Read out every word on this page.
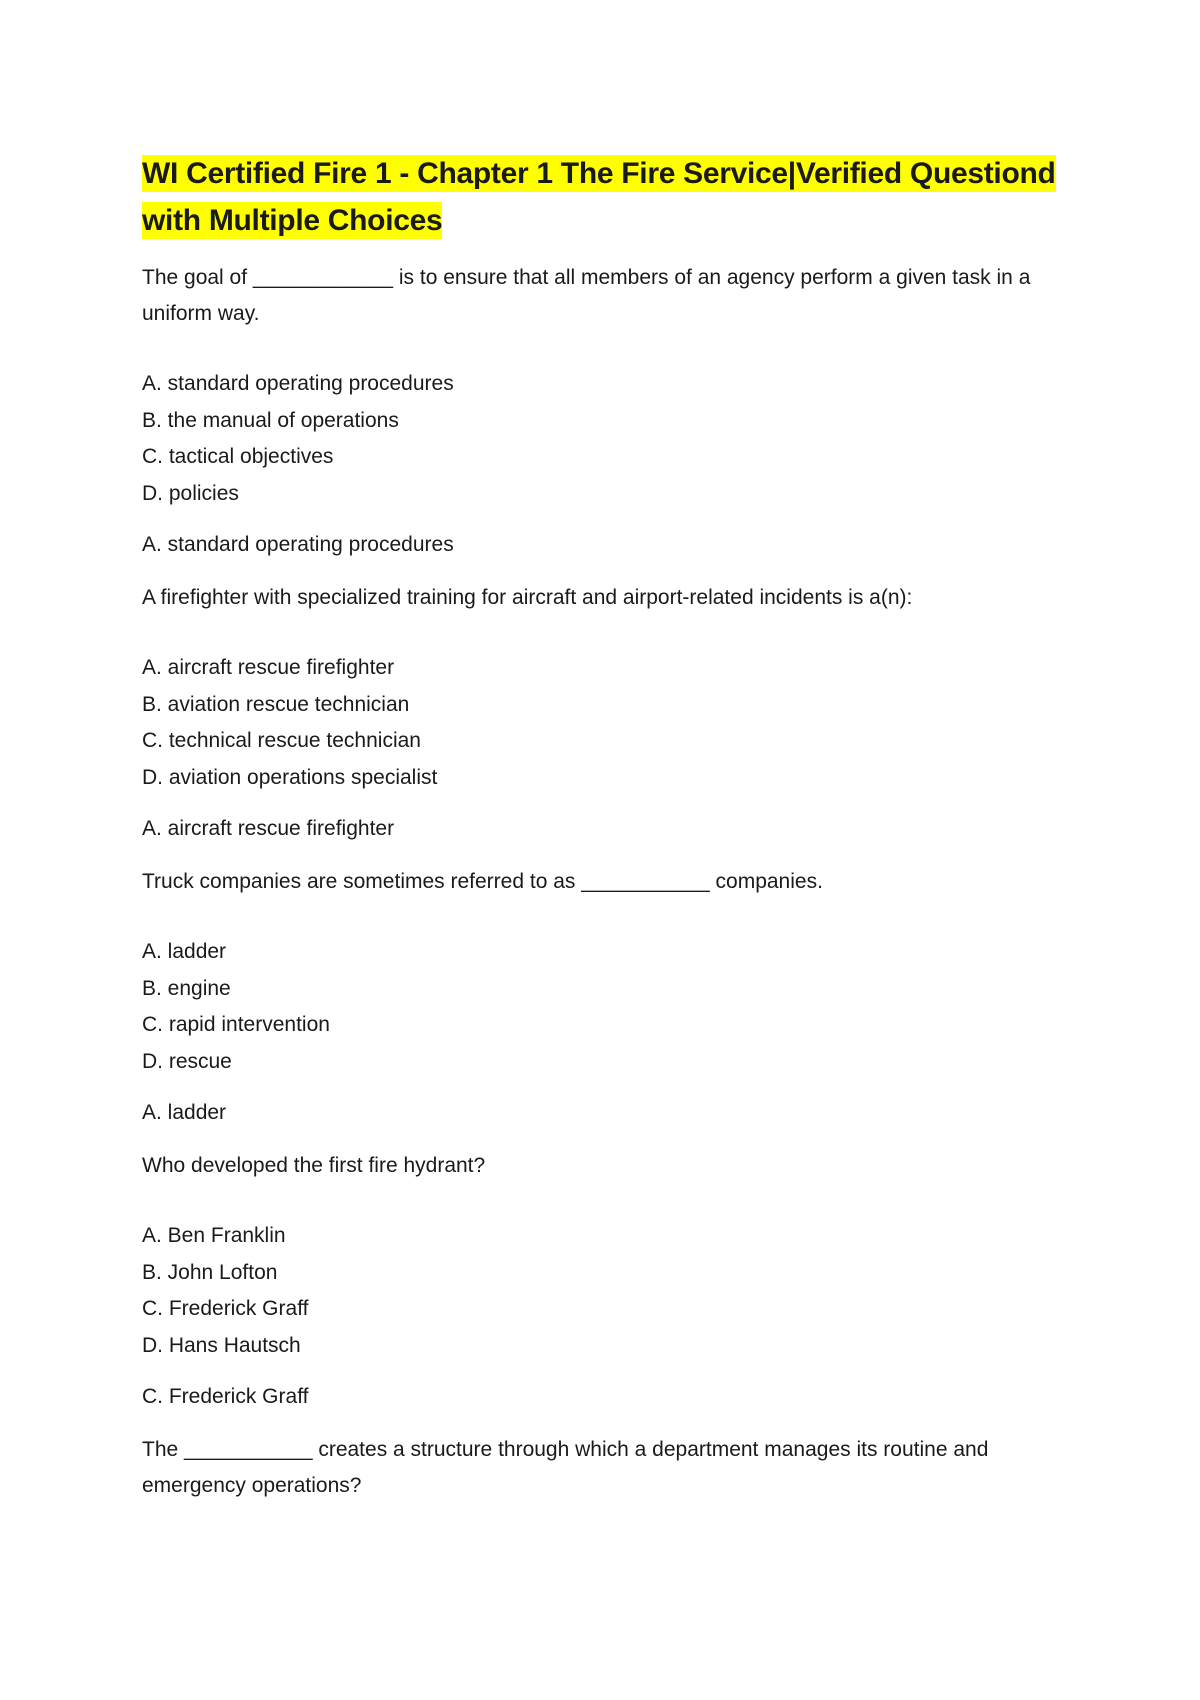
WI Certified Fire 1 - Chapter 1 The Fire Service|Verified Questiond with Multiple Choices

The goal of ____________ is to ensure that all members of an agency perform a given task in a uniform way.

A. standard operating procedures
B. the manual of operations
C. tactical objectives
D. policies

A. standard operating procedures

A firefighter with specialized training for aircraft and airport-related incidents is a(n):

A. aircraft rescue firefighter
B. aviation rescue technician
C. technical rescue technician
D. aviation operations specialist

A. aircraft rescue firefighter

Truck companies are sometimes referred to as ___________ companies.

A. ladder
B. engine
C. rapid intervention
D. rescue

A. ladder

Who developed the first fire hydrant?

A. Ben Franklin
B. John Lofton
C. Frederick Graff
D. Hans Hautsch

C. Frederick Graff

The ___________ creates a structure through which a department manages its routine and emergency operations?
